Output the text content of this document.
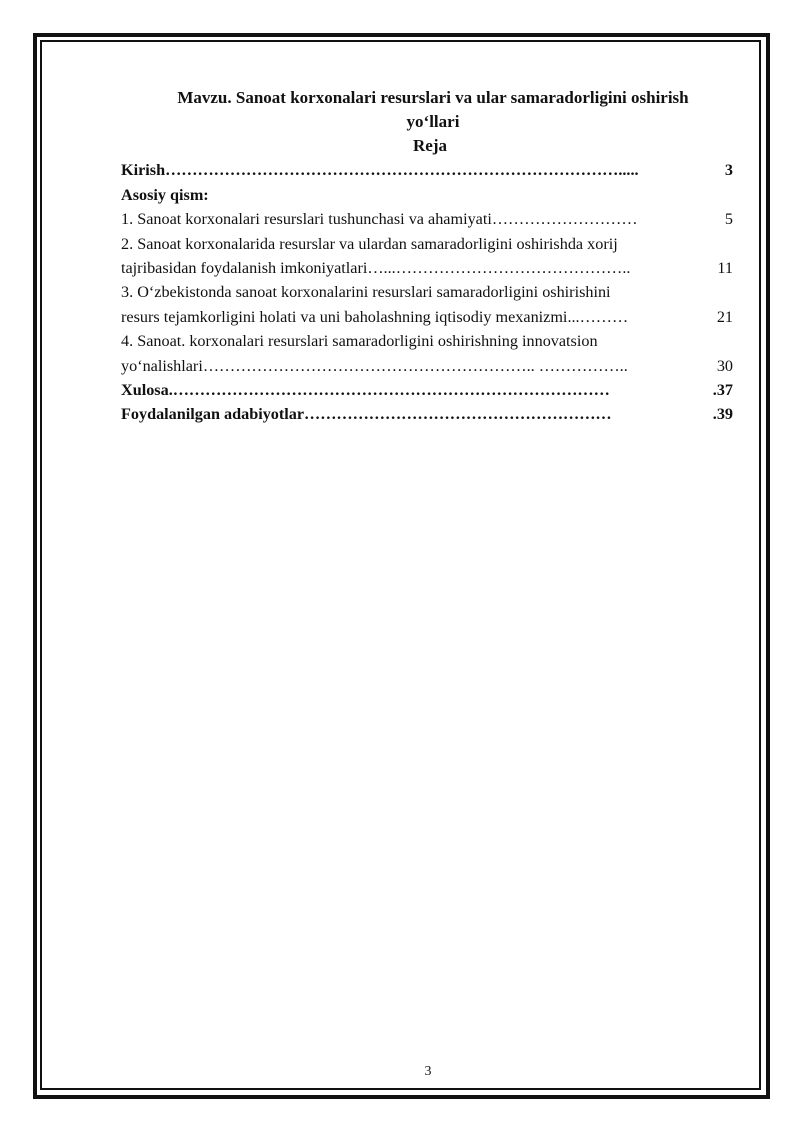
Mavzu. Sanoat korxonalari resurslari va ular samaradorligini oshirish
yo‘llari
Reja
Kirish ………………………………………………………………………….....	3
Asosiy qism:
1. Sanoat korxonalari resurslari tushunchasi va ahamiyati ………………………	5
2. Sanoat korxonalarida resurslar va ulardan samaradorligini oshirishda xorij
tajribasidan foydalanish imkoniyatlari …...……………………………………..	11
3. O‘zbekistonda sanoat korxonalarini resurslari samaradorligini oshirishini
resurs tejamkorligini holati va uni baholashning iqtisodiy mexanizmi ...………	21
4. Sanoat. korxonalari resurslari samaradorligini oshirishning innovatsion
yo‘nalishlari …………………………………………………….. ……………..	30
Xulosa .………………………………………………………………………	.37
Foydalanilgan adabiyotlar …………………………………………………	.39
3
